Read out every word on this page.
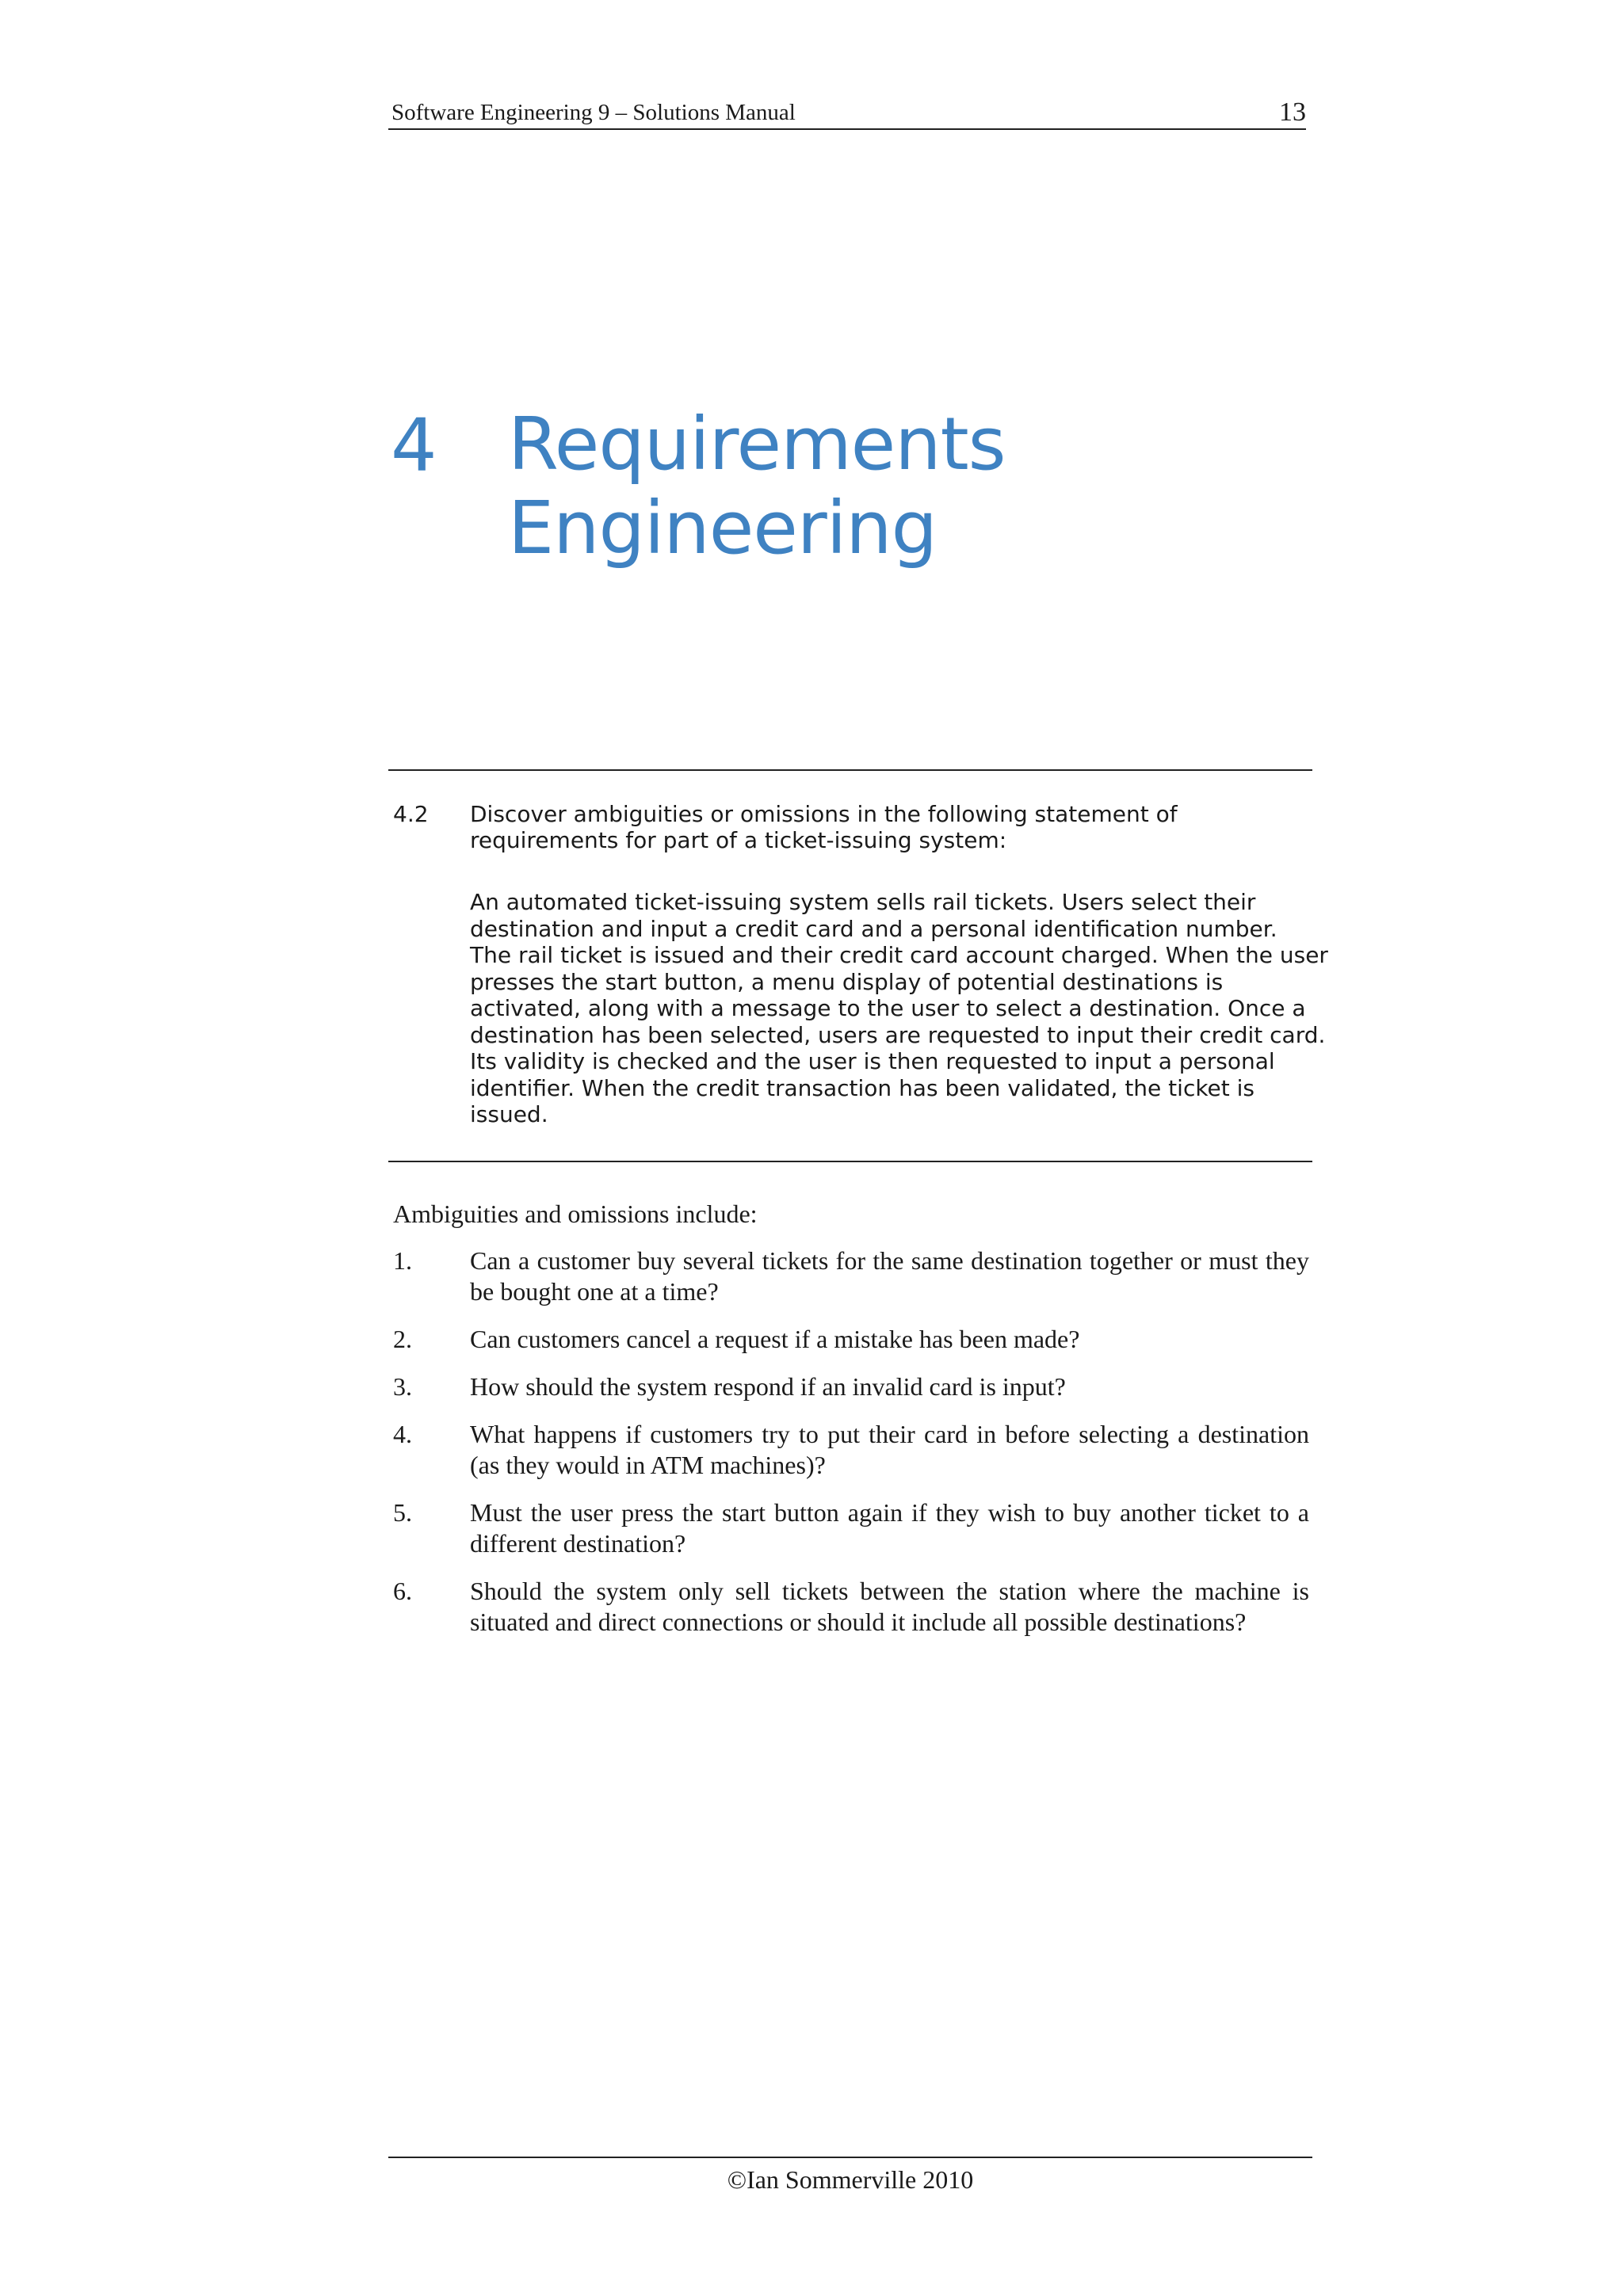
Software Engineering 9 – Solutions Manual	13
4 Requirements
Engineering
4.2 Discover ambiguities or omissions in the following statement of
requirements for part of a ticket-issuing system:
An automated ticket-issuing system sells rail tickets. Users select their
destination and input a credit card and a personal identification number.
The rail ticket is issued and their credit card account charged. When the user
presses the start button, a menu display of potential destinations is
activated, along with a message to the user to select a destination. Once a
destination has been selected, users are requested to input their credit card.
Its validity is checked and the user is then requested to input a personal
identifier. When the credit transaction has been validated, the ticket is
issued.
Ambiguities and omissions include:
1.	Can a customer buy several tickets for the same destination together or must they be bought one at a time?
2.	Can customers cancel a request if a mistake has been made?
3.	How should the system respond if an invalid card is input?
4.	What happens if customers try to put their card in before selecting a destination (as they would in ATM machines)?
5.	Must the user press the start button again if they wish to buy another ticket to a different destination?
6.	Should the system only sell tickets between the station where the machine is situated and direct connections or should it include all possible destinations?
©Ian Sommerville 2010
